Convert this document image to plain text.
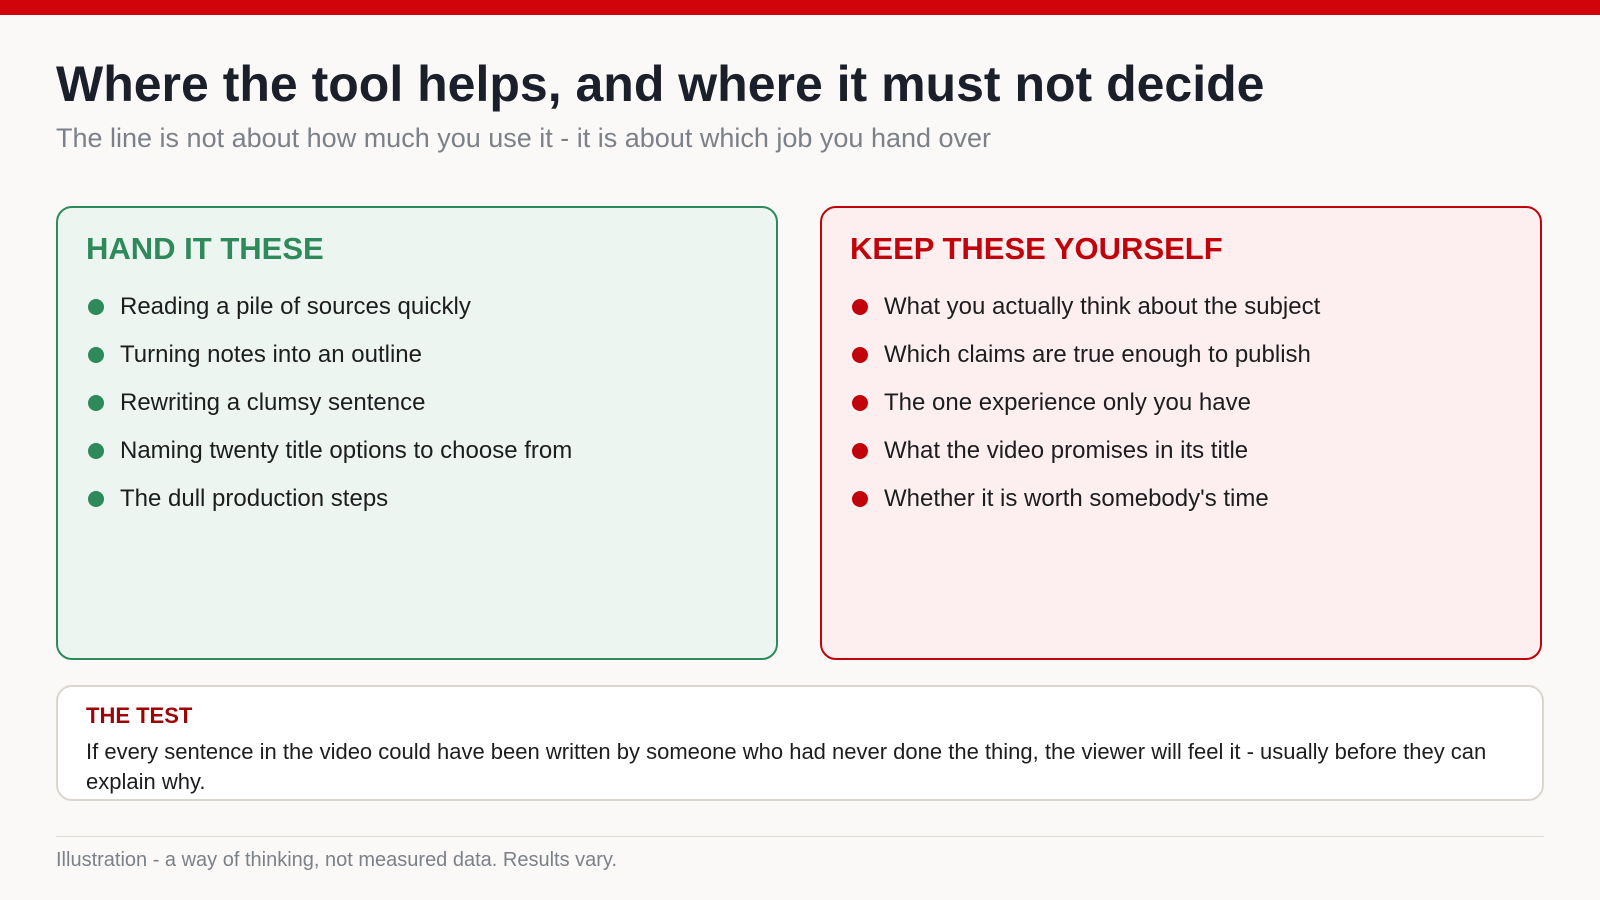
Where the tool helps, and where it must not decide

The line is not about how much you use it - it is about which job you hand over

HAND IT THESE
Reading a pile of sources quickly
Turning notes into an outline
Rewriting a clumsy sentence
Naming twenty title options to choose from
The dull production steps
KEEP THESE YOURSELF
What you actually think about the subject
Which claims are true enough to publish
The one experience only you have
What the video promises in its title
Whether it is worth somebody's time
THE TEST

If every sentence in the video could have been written by someone who had never done the thing, the viewer will feel it - usually before they can explain why.

Illustration - a way of thinking, not measured data. Results vary.
